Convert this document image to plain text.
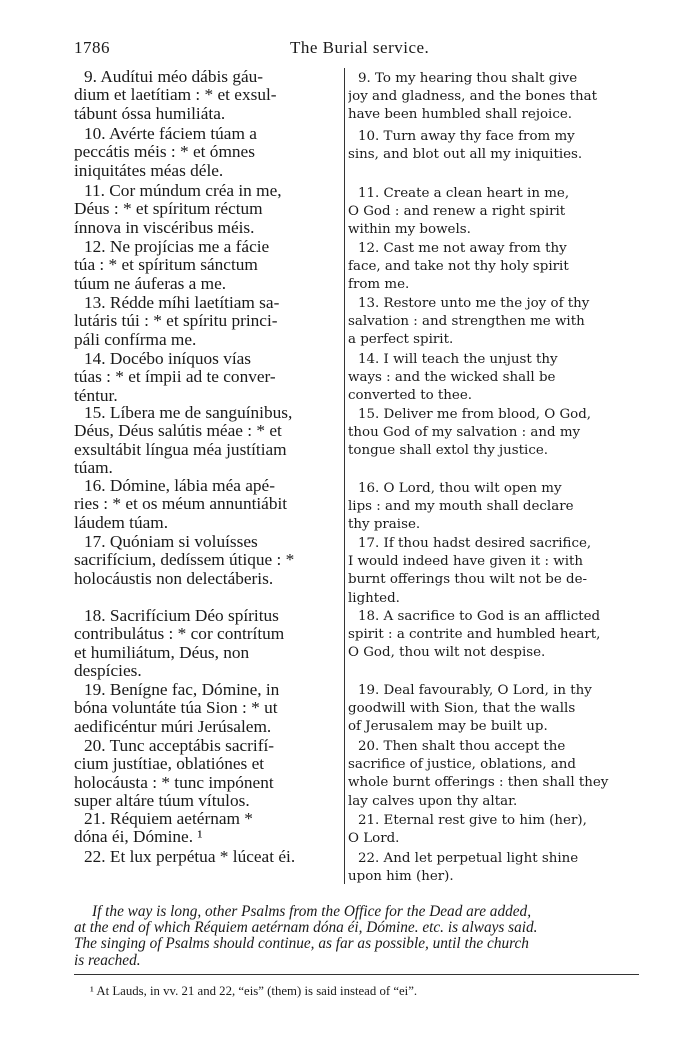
1786	The Burial service.
9. Audítui méo dábis gáu-
dium et laetítiam : * et exsul-
tábunt óssa humiliáta.
10. Avérte fáciem túam a
peccátis méis : * et ómnes
iniquitátes méas déle.
11. Cor múndum créa in me,
Déus : * et spíritum réctum
ínnova in viscéribus méis.
12. Ne projícias me a fácie
túa : * et spíritum sánctum
túum ne áuferas a me.
13. Rédde míhi laetítiam sa-
lutáris túi : * et spíritu princi-
páli confírma me.
14. Docébo iníquos vías
túas : * et ímpii ad te conver-
téntur.
15. Líbera me de sanguínibus,
Déus, Déus salútis méae : * et
exsultábit língua méa justítiam
túam.
16. Dómine, lábia méa apé-
ries : * et os méum annuntiábit
láudem túam.
17. Quóniam si voluísses
sacrifícium, dedíssem útique : *
holocáustis non delectáberis.
18. Sacrifícium Déo spíritus
contribulátus : * cor contrítum
et humiliátum, Déus, non
despícies.
19. Benígne fac, Dómine, in
bóna voluntáte túa Sion : * ut
aedificéntur múri Jerúsalem.
20. Tunc acceptábis sacrifí-
cium justítiae, oblatiónes et
holocáusta : * tunc impónent
super altáre túum vítulos.
21. Réquiem aetérnam *
dóna éi, Dómine. ¹
22. Et lux perpétua * lúceat éi.
9. To my hearing thou shalt give
joy and gladness, and the bones that
have been humbled shall rejoice.
10. Turn away thy face from my
sins, and blot out all my iniquities.
11. Create a clean heart in me,
O God : and renew a right spirit
within my bowels.
12. Cast me not away from thy
face, and take not thy holy spirit
from me.
13. Restore unto me the joy of thy
salvation : and strengthen me with
a perfect spirit.
14. I will teach the unjust thy
ways : and the wicked shall be
converted to thee.
15. Deliver me from blood, O God,
thou God of my salvation : and my
tongue shall extol thy justice.
16. O Lord, thou wilt open my
lips : and my mouth shall declare
thy praise.
17. If thou hadst desired sacrifice,
I would indeed have given it : with
burnt offerings thou wilt not be de-
lighted.
18. A sacrifice to God is an afflicted
spirit : a contrite and humbled heart,
O God, thou wilt not despise.
19. Deal favourably, O Lord, in thy
goodwill with Sion, that the walls
of Jerusalem may be built up.
20. Then shalt thou accept the
sacrifice of justice, oblations, and
whole burnt offerings : then shall they
lay calves upon thy altar.
21. Eternal rest give to him (her),
O Lord.
22. And let perpetual light shine
upon him (her).
If the way is long, other Psalms from the Office for the Dead are added,
at the end of which Réquiem aetérnam dóna éi, Dómine. etc. is always said.
The singing of Psalms should continue, as far as possible, until the church
is reached.
¹ At Lauds, in vv. 21 and 22, “eis” (them) is said instead of “ei”.
